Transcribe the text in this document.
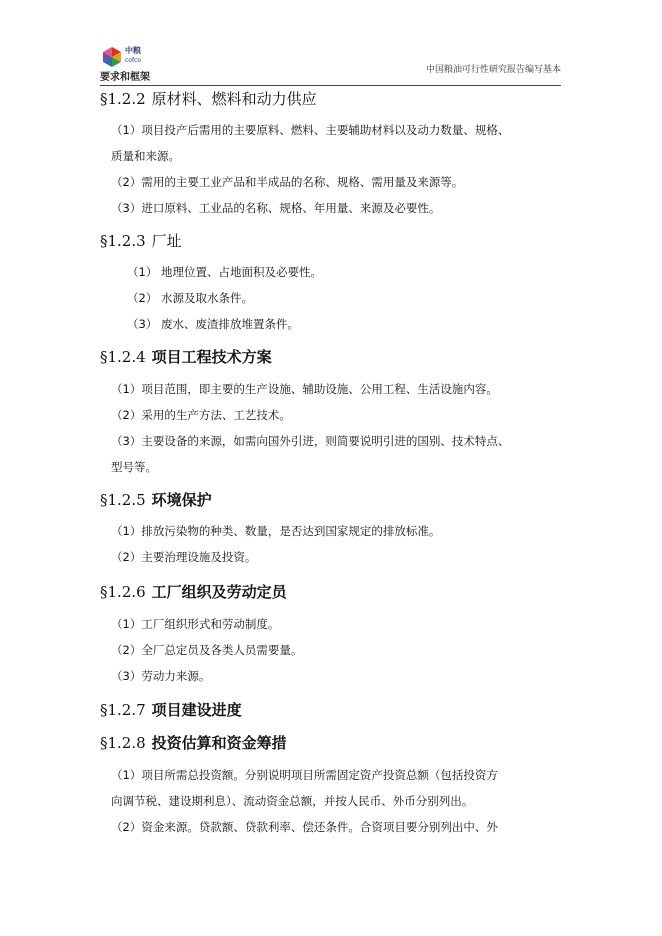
中粮
cofco
要求和框架
中国粮油可行性研究报告编写基本
§1.2.2 原材料、燃料和动力供应
（1）项目投产后需用的主要原料、燃料、主要辅助材料以及动力数量、规格、
质量和来源。
（2）需用的主要工业产品和半成品的名称、规格、需用量及来源等。
（3）进口原料、工业品的名称、规格、年用量、来源及必要性。
§1.2.3 厂址
（1） 地理位置、占地面积及必要性。
（2） 水源及取水条件。
（3） 废水、废渣排放堆置条件。
§1.2.4 项目工程技术方案
（1）项目范围，即主要的生产设施、辅助设施、公用工程、生活设施内容。
（2）采用的生产方法、工艺技术。
（3）主要设备的来源，如需向国外引进，则简要说明引进的国别、技术特点、
型号等。
§1.2.5 环境保护
（1）排放污染物的种类、数量，是否达到国家规定的排放标准。
（2）主要治理设施及投资。
§1.2.6 工厂组织及劳动定员
（1）工厂组织形式和劳动制度。
（2）全厂总定员及各类人员需要量。
（3）劳动力来源。
§1.2.7 项目建设进度
§1.2.8 投资估算和资金筹措
（1）项目所需总投资额。分别说明项目所需固定资产投资总额（包括投资方
向调节税、建设期利息）、流动资金总额，并按人民币、外币分别列出。
（2）资金来源。贷款额、贷款利率、偿还条件。合资项目要分别列出中、外
